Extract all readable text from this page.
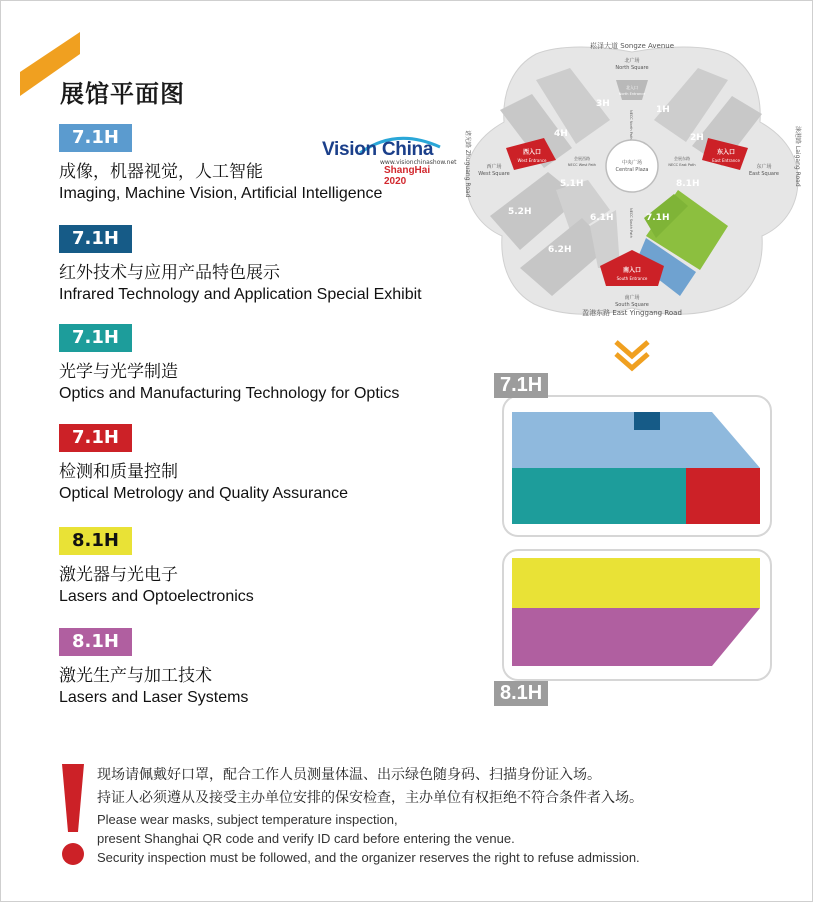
展馆平面图
7.1H
成像，机器视觉，人工智能
Imaging, Machine Vision, Artificial Intelligence
7.1H
红外技术与应用产品特色展示
Infrared Technology and Application Special Exhibit
7.1H
光学与光学制造
Optics and Manufacturing Technology for Optics
7.1H
检测和质量控制
Optical Metrology and Quality Assurance
8.1H
激光器与光电子
Lasers and Optoelectronics
8.1H
激光生产与加工技术
Lasers and Laser Systems
Vision China
www.visionchinashow.net
ShangHai 2020
崧泽大道 Songze Avenue
盈港东路 East Yinggang Road
诸光路 Zhuguang Road	涞港路 Laigang Road
北广场
North Square
北入口
North Entrance
南广场
South Square
西广场
West Square
东广场
East Square
中央广场
Central Plaza
西入口
West Entrance
东入口
East Entrance
南入口
South Entrance
会展西路
NECC West Path
会展东路
NECC East Path
NECC North Path
NECC South Path
1H
2H
3H
4H
5.1H
5.2H
6.1H
6.2H
7.1H
8.1H
7.1H
8.1H
现场请佩戴好口罩，配合工作人员测量体温、出示绿色随身码、扫描身份证入场。
持证人必须遵从及接受主办单位安排的保安检查，主办单位有权拒绝不符合条件者入场。
Please wear masks, subject temperature inspection,
present Shanghai QR code and verify ID card before entering the venue.
Security inspection must be followed, and the organizer reserves the right to refuse admission.
